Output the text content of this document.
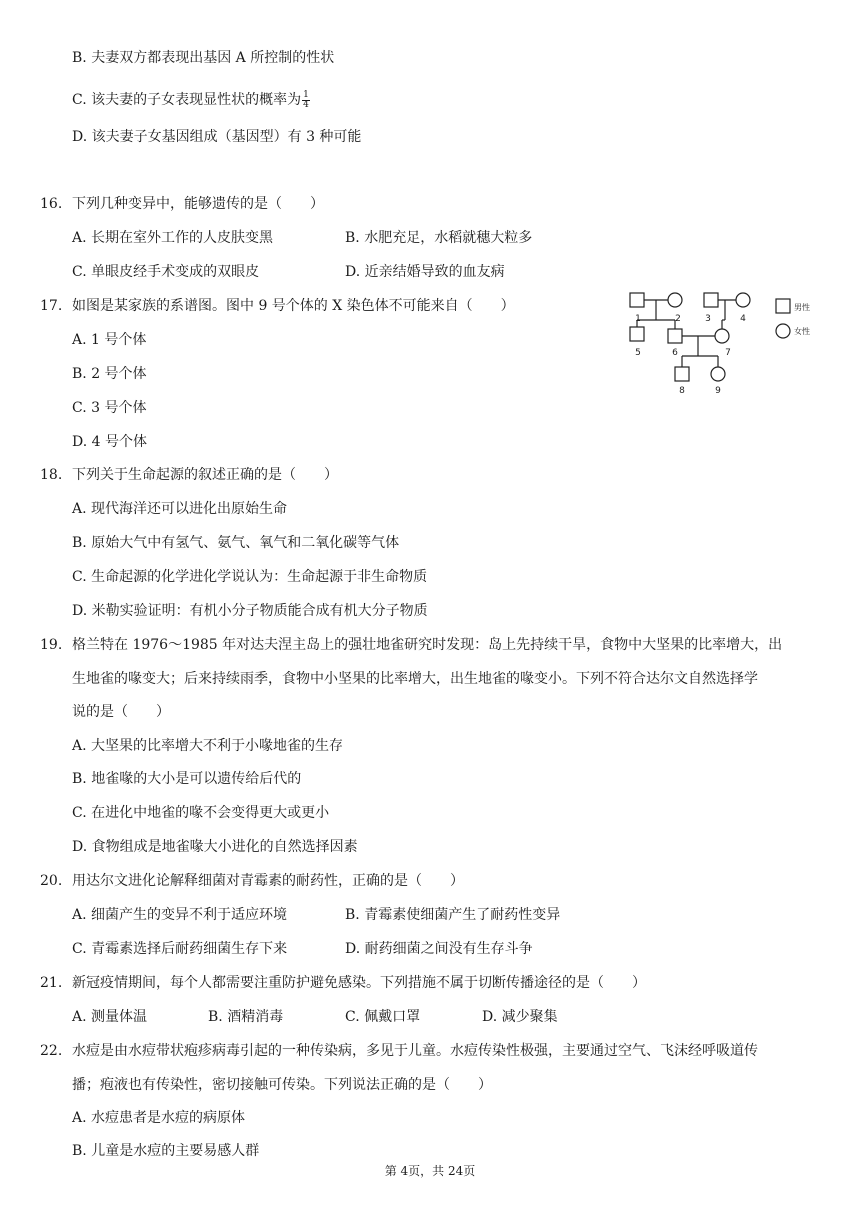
B. 夫妻双方都表现出基因 A 所控制的性状
C. 该夫妻的子女表现显性状的概率为 $\frac{1}{4}$
D. 该夫妻子女基因组成（基因型）有 3 种可能
16. 下列几种变异中，能够遗传的是（　　）
A. 长期在室外工作的人皮肤变黑	B. 水肥充足，水稻就穗大粒多
C. 单眼皮经手术变成的双眼皮	D. 近亲结婚导致的血友病
17. 如图是某家族的系谱图。图中 9 号个体的 X 染色体不可能来自（　　）
A. 1 号个体
B. 2 号个体
C. 3 号个体
D. 4 号个体
1	2	3	4
5	6	7
8	9
男性
女性
18. 下列关于生命起源的叙述正确的是（　　）
A. 现代海洋还可以进化出原始生命
B. 原始大气中有氢气、氨气、氧气和二氧化碳等气体
C. 生命起源的化学进化学说认为：生命起源于非生命物质
D. 米勒实验证明：有机小分子物质能合成有机大分子物质
19. 格兰特在 1976～1985 年对达夫涅主岛上的强壮地雀研究时发现：岛上先持续干旱，食物中大坚果的比率增大，出
生地雀的喙变大；后来持续雨季，食物中小坚果的比率增大，出生地雀的喙变小。下列不符合达尔文自然选择学
说的是（　　）
A. 大坚果的比率增大不利于小喙地雀的生存
B. 地雀喙的大小是可以遗传给后代的
C. 在进化中地雀的喙不会变得更大或更小
D. 食物组成是地雀喙大小进化的自然选择因素
20. 用达尔文进化论解释细菌对青霉素的耐药性，正确的是（　　）
A. 细菌产生的变异不利于适应环境	B. 青霉素使细菌产生了耐药性变异
C. 青霉素选择后耐药细菌生存下来	D. 耐药细菌之间没有生存斗争
21. 新冠疫情期间，每个人都需要注重防护避免感染。下列措施不属于切断传播途径的是（　　）
A. 测量体温	B. 酒精消毒	C. 佩戴口罩	D. 减少聚集
22. 水痘是由水痘带状疱疹病毒引起的一种传染病，多见于儿童。水痘传染性极强，主要通过空气、飞沫经呼吸道传
播；疱液也有传染性，密切接触可传染。下列说法正确的是（　　）
A. 水痘患者是水痘的病原体
B. 儿童是水痘的主要易感人群
第 4页，共 24页
